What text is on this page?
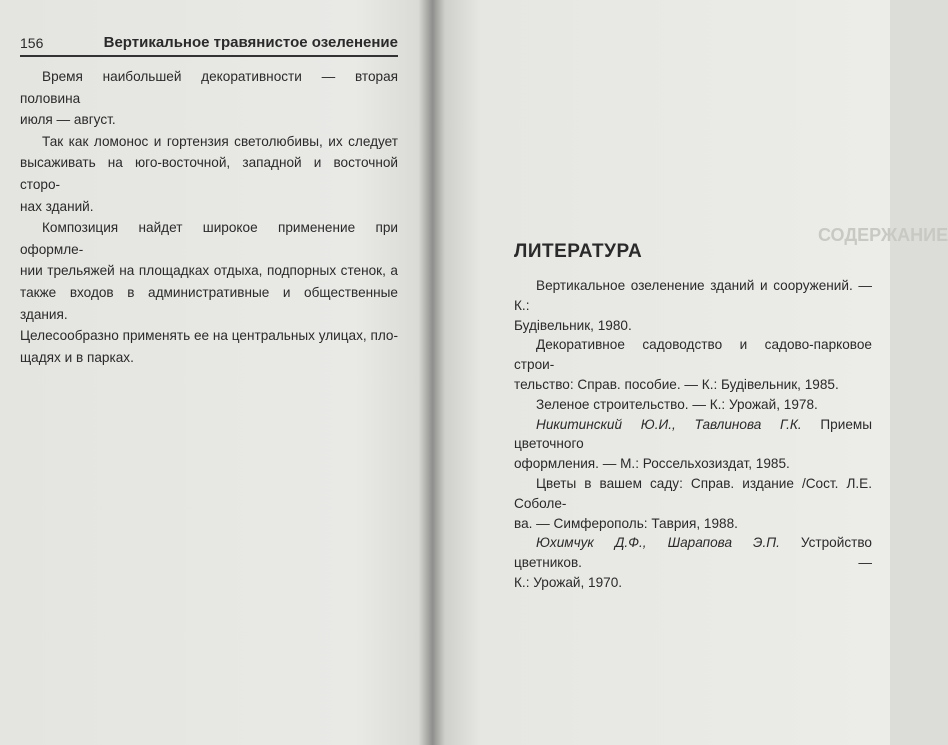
156	Вертикальное травянистое озеленение
Время наибольшей декоративности — вторая половина
июля — август.
Так как ломонос и гортензия светолюбивы, их следует
высаживать на юго-восточной, западной и восточной сторо-
нах зданий.
Композиция найдет широкое применение при оформле-
нии трельяжей на площадках отдыха, подпорных стенок, а
также входов в административные и общественные здания.
Целесообразно применять ее на центральных улицах, пло-
щадях и в парках.
СОДЕРЖАНИЕ
ЛИТЕРАТУРА
Вертикальное озеленение зданий и сооружений. — К.:
Будівельник, 1980.
Декоративное садоводство и садово-парковое строи-
тельство: Справ. пособие. — К.: Будівельник, 1985.
Зеленое строительство. — К.: Урожай, 1978.
Никитинский Ю.И., Тавлинова Г.К. Приемы цветочного
оформления. — М.: Россельхозиздат, 1985.
Цветы в вашем саду: Справ. издание /Сост. Л.Е. Соболе-
ва. — Симферополь: Таврия, 1988.
Юхимчук Д.Ф., Шарапова Э.П. Устройство цветников. —
К.: Урожай, 1970.
